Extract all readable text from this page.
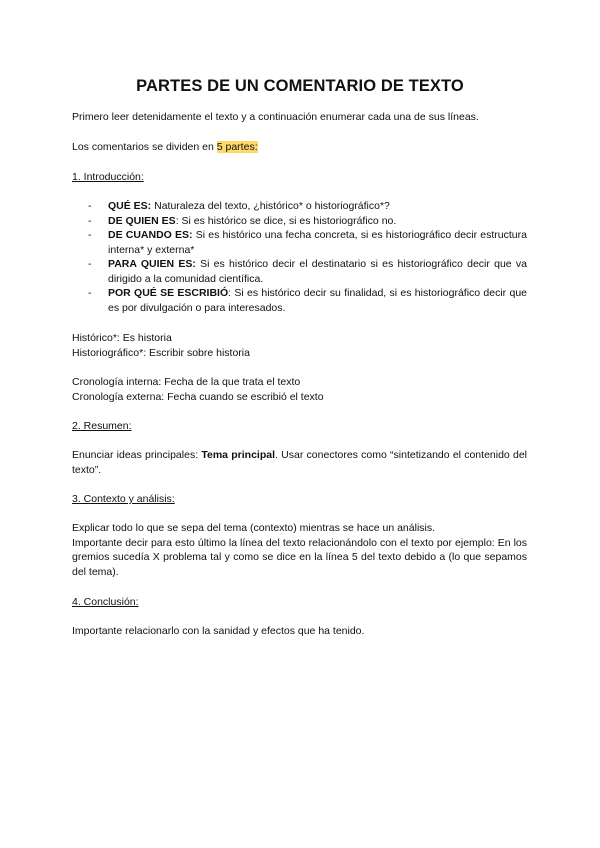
PARTES DE UN COMENTARIO DE TEXTO

Primero leer detenidamente el texto y a continuación enumerar cada una de sus líneas.

Los comentarios se dividen en 5 partes:

1. Introducción:

- QUÉ ES: Naturaleza del texto, ¿histórico* o historiográfico*?
- DE QUIEN ES: Si es histórico se dice, si es historiográfico no.
- DE CUANDO ES: Si es histórico una fecha concreta, si es historiográfico decir estructura interna* y externa*
- PARA QUIEN ES: Si es histórico decir el destinatario si es historiográfico decir que va dirigido a la comunidad científica.
- POR QUÉ SE ESCRIBIÓ: Si es histórico decir su finalidad, si es historiográfico decir que es por divulgación o para interesados.

Histórico*: Es historia

Historiográfico*: Escribir sobre historia

Cronología interna: Fecha de la que trata el texto

Cronología externa: Fecha cuando se escribió el texto

2. Resumen:

Enunciar ideas principales: Tema principal. Usar conectores como “sintetizando el contenido del texto”.

3. Contexto y análisis:

Explicar todo lo que se sepa del tema (contexto) mientras se hace un análisis.

Importante decir para esto último la línea del texto relacionándolo con el texto por ejemplo: En los gremios sucedía X problema tal y como se dice en la línea 5 del texto debido a (lo que sepamos del tema).

4. Conclusión:

Importante relacionarlo con la sanidad y efectos que ha tenido.
